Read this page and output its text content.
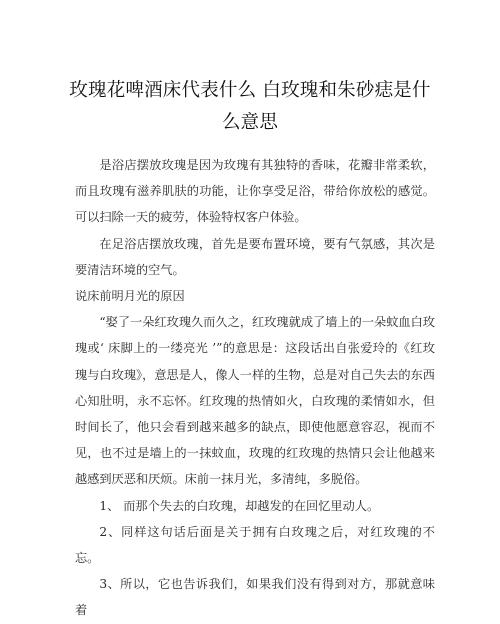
玫瑰花啤酒床代表什么 白玫瑰和朱砂痣是什么意思

是浴店摆放玫瑰是因为玫瑰有其独特的香味，花瓣非常柔软，而且玫瑰有滋养肌肤的功能，让你享受足浴，带给你放松的感觉。可以扫除一天的疲劳，体验特权客户体验。

在足浴店摆放玫瑰，首先是要布置环境，要有气氛感，其次是要清洁环境的空气。

说床前明月光的原因

“娶了一朵红玫瑰久而久之，红玫瑰就成了墙上的一朵蚊血白玫瑰或‘ 床脚上的一缕亮光 ’”的意思是：这段话出自张爱玲的《红玫瑰与白玫瑰》，意思是人，像人一样的生物，总是对自己失去的东西心知肚明，永不忘怀。红玫瑰的热情如火，白玫瑰的柔情如水，但时间长了，他只会看到越来越多的缺点，即使他愿意容忍，视而不见，也不过是墙上的一抹蚊血，玫瑰的红玫瑰的热情只会让他越来越感到厌恶和厌烦。床前一抹月光，多清纯，多脱俗。

1、 而那个失去的白玫瑰，却越发的在回忆里动人。

2、同样这句话后面是关于拥有白玫瑰之后，对红玫瑰的不忘。

3、所以，它也告诉我们，如果我们没有得到对方，那就意味着
